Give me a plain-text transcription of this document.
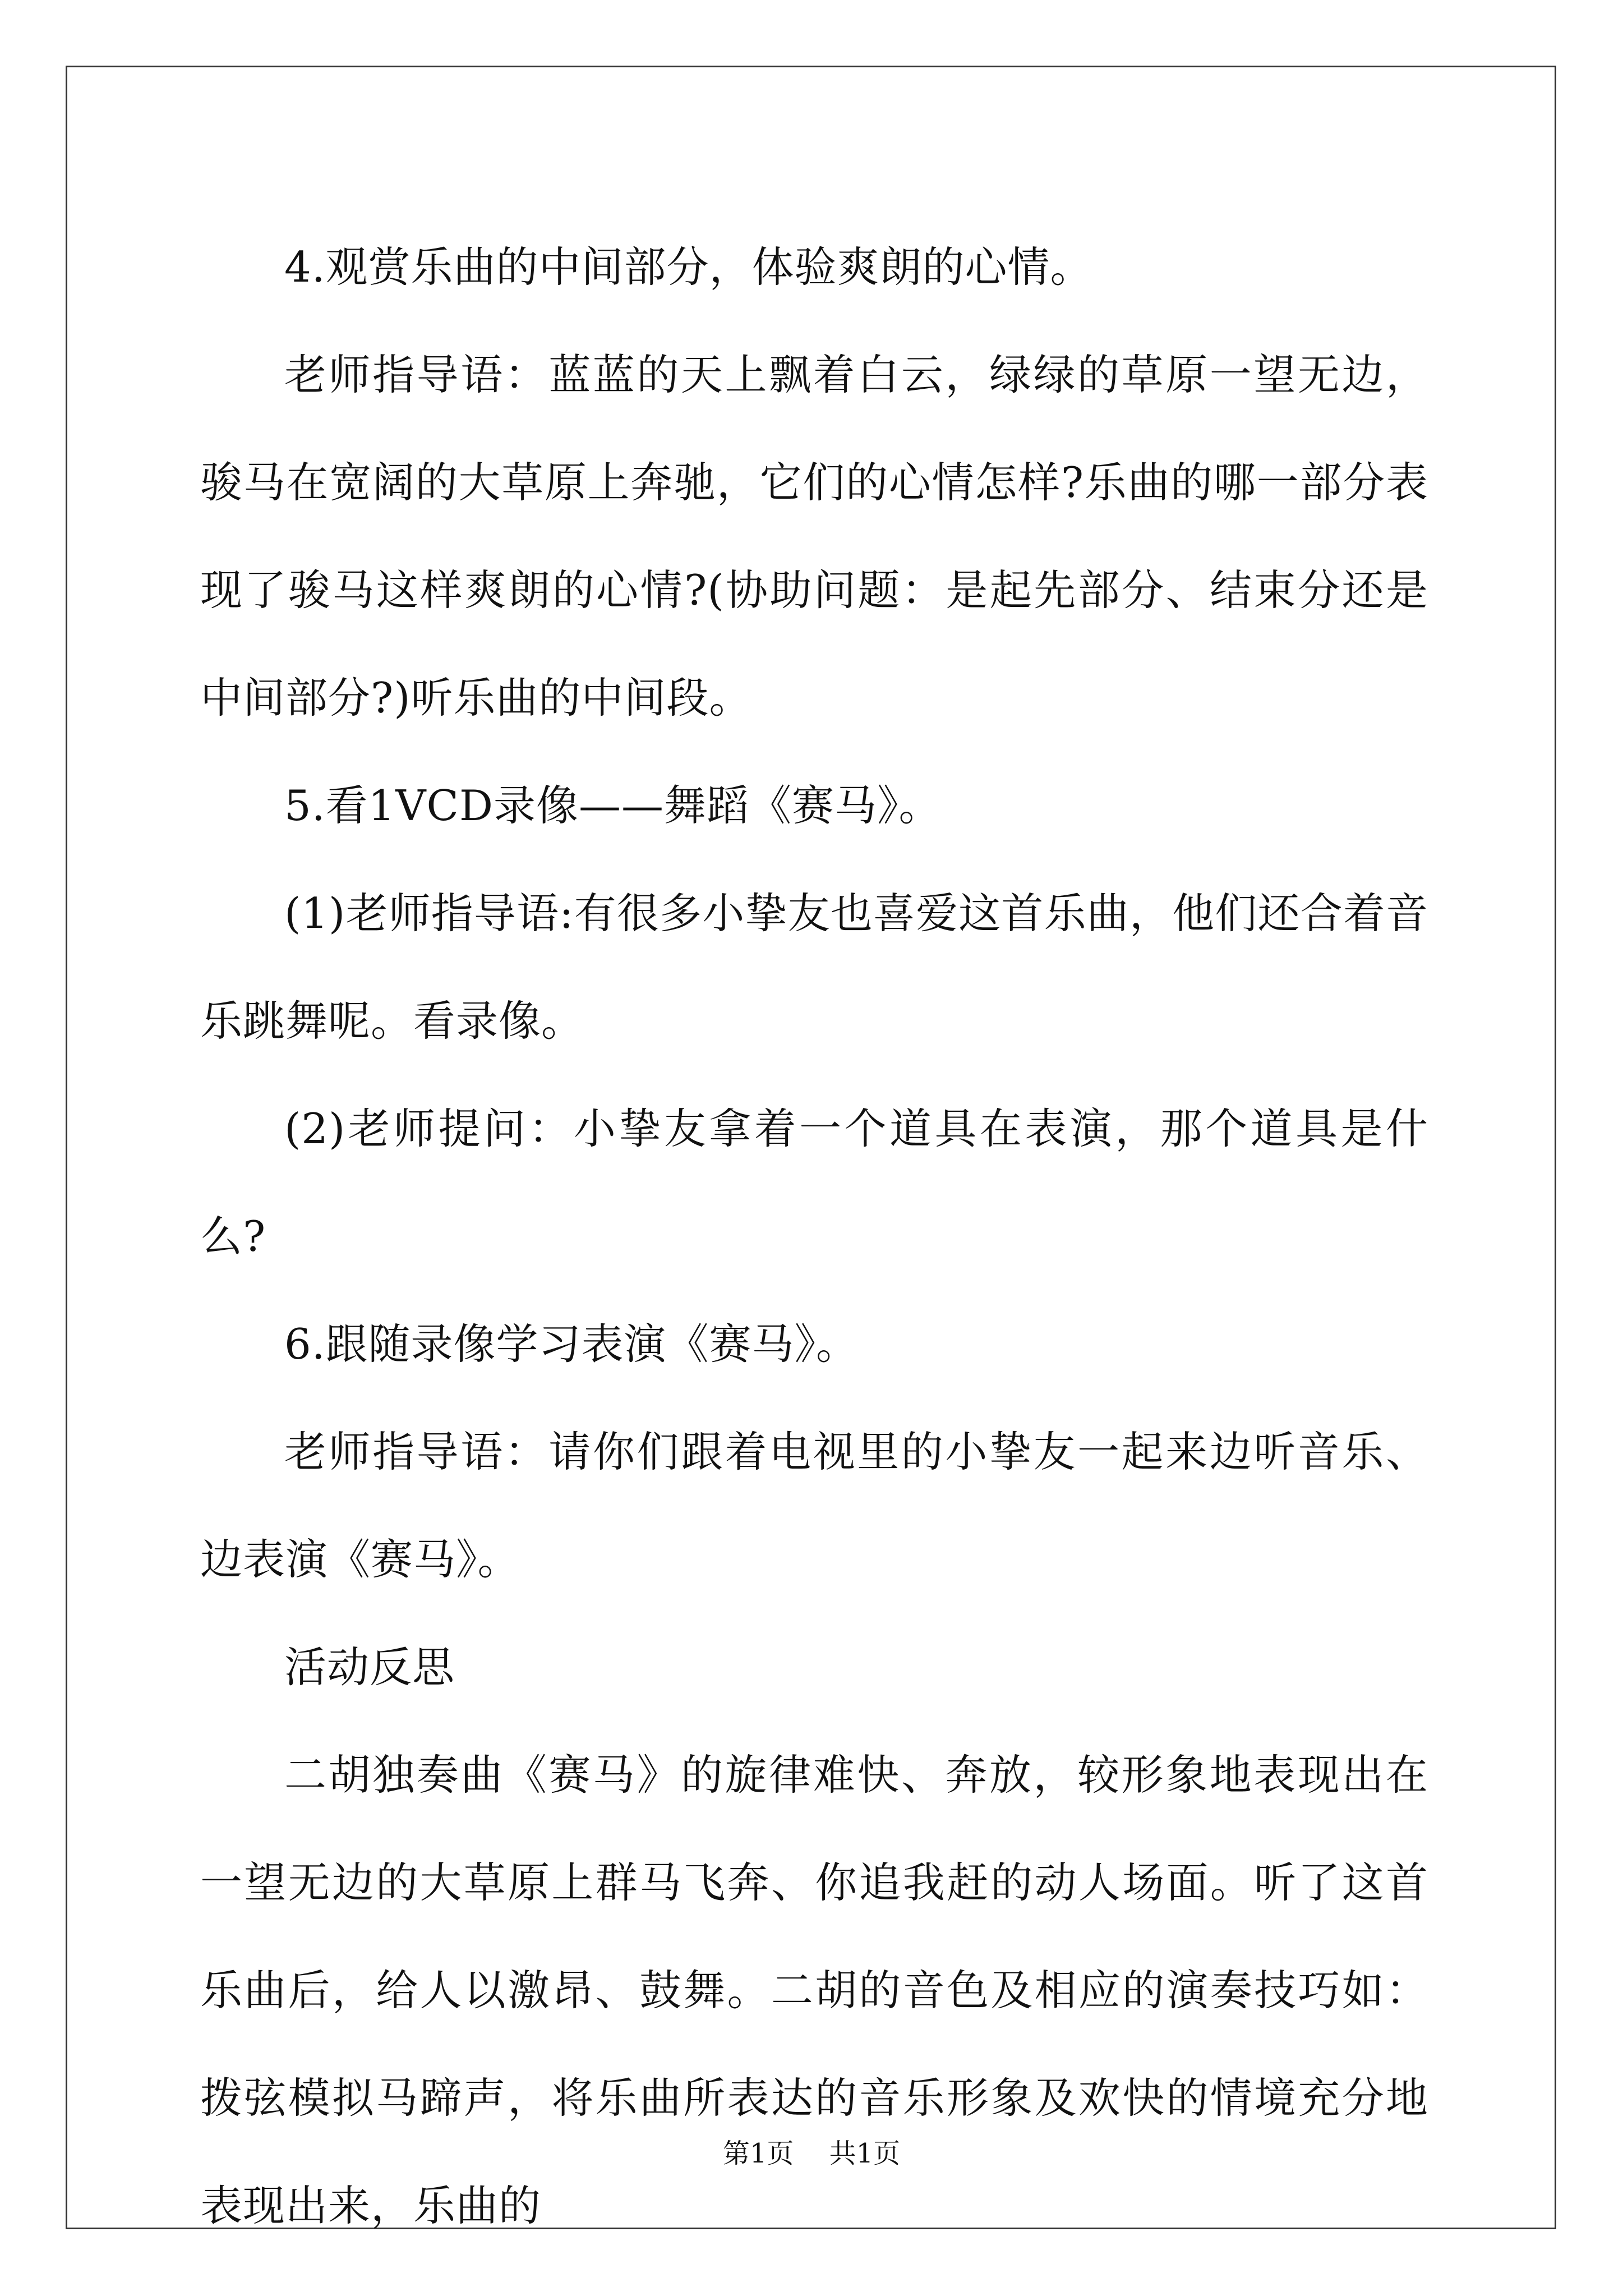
4.观赏乐曲的中间部分，体验爽朗的心情。

老师指导语：蓝蓝的天上飘着白云，绿绿的草原一望无边，骏马在宽阔的大草原上奔驰，它们的心情怎样?乐曲的哪一部分表现了骏马这样爽朗的心情?(协助问题：是起先部分、结束分还是中间部分?)听乐曲的中间段。

5.看1VCD录像——舞蹈《赛马》。

(1)老师指导语:有很多小挚友也喜爱这首乐曲，他们还合着音乐跳舞呢。看录像。

(2)老师提问：小挚友拿着一个道具在表演，那个道具是什么?

6.跟随录像学习表演《赛马》。

老师指导语：请你们跟着电视里的小挚友一起来边听音乐、边表演《赛马》。

活动反思

二胡独奏曲《赛马》的旋律难快、奔放，较形象地表现出在一望无边的大草原上群马飞奔、你追我赶的动人场面。听了这首乐曲后，给人以激昂、鼓舞。二胡的音色及相应的演奏技巧如：拨弦模拟马蹄声，将乐曲所表达的音乐形象及欢快的情境充分地表现出来，乐曲的

第1页 共1页
